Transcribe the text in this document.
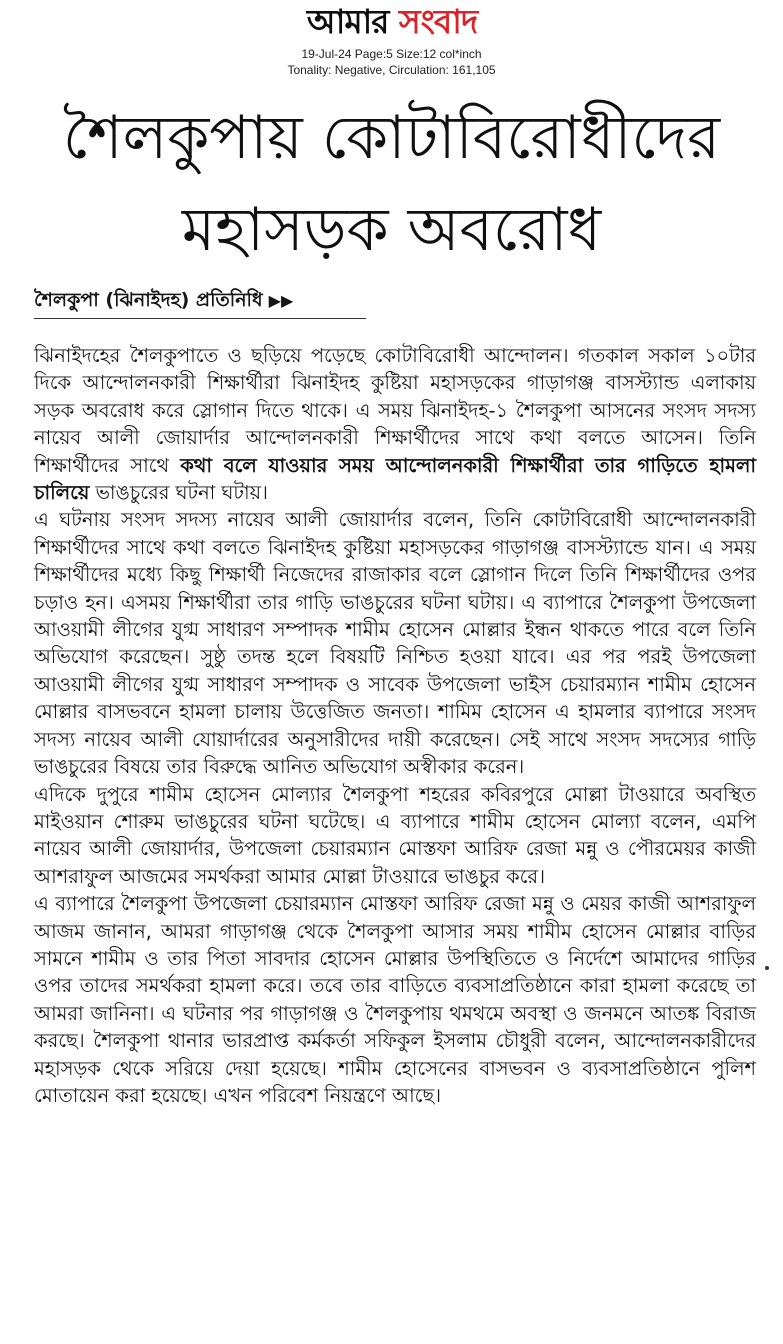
আমার সংবাদ
19-Jul-24 Page:5 Size:12 col*inch
Tonality: Negative, Circulation: 161,105
শৈলকুপায় কোটাবিরোধীদের
মহাসড়ক অবরোধ
শৈলকুপা (ঝিনাইদহ) প্রতিনিধি ▶▶

ঝিনাইদহের শৈলকুপাতে ও ছড়িয়ে পড়েছে কোটাবিরোধী আন্দোলন। গতকাল সকাল ১০টার দিকে আন্দোলনকারী শিক্ষার্থীরা ঝিনাইদহ কুষ্টিয়া মহাসড়কের গাড়াগঞ্জ বাসস্ট্যান্ড এলাকায় সড়ক অবরোধ করে স্লোগান দিতে থাকে। এ সময় ঝিনাইদহ-১ শৈলকুপা আসনের সংসদ সদস্য নায়েব আলী জোয়ার্দার আন্দোলনকারী শিক্ষার্থীদের সাথে কথা বলতে আসেন। তিনি শিক্ষার্থীদের সাথে কথা বলে যাওয়ার সময় আন্দোলনকারী শিক্ষার্থীরা তার গাড়িতে হামলা চালিয়ে ভাঙচুরের ঘটনা ঘটায়।

এ ঘটনায় সংসদ সদস্য নায়েব আলী জোয়ার্দার বলেন, তিনি কোটাবিরোধী আন্দোলনকারী শিক্ষার্থীদের সাথে কথা বলতে ঝিনাইদহ কুষ্টিয়া মহাসড়কের গাড়াগঞ্জ বাসস্ট্যান্ডে যান। এ সময় শিক্ষার্থীদের মধ্যে কিছু শিক্ষার্থী নিজেদের রাজাকার বলে স্লোগান দিলে তিনি শিক্ষার্থীদের ওপর চড়াও হন। এসময় শিক্ষার্থীরা তার গাড়ি ভাঙচুরের ঘটনা ঘটায়। এ ব্যাপারে শৈলকুপা উপজেলা আওয়ামী লীগের যুগ্ম সাধারণ সম্পাদক শামীম হোসেন মোল্লার ইন্ধন থাকতে পারে বলে তিনি অভিযোগ করেছেন। সুষ্ঠু তদন্ত হলে বিষয়টি নিশ্চিত হওয়া যাবে। এর পর পরই উপজেলা আওয়ামী লীগের যুগ্ম সাধারণ সম্পাদক ও সাবেক উপজেলা ভাইস চেয়ারম্যান শামীম হোসেন মোল্লার বাসভবনে হামলা চালায় উত্তেজিত জনতা। শামিম হোসেন এ হামলার ব্যাপারে সংসদ সদস্য নায়েব আলী যোয়ার্দারের অনুসারীদের দায়ী করেছেন। সেই সাথে সংসদ সদস্যের গাড়ি ভাঙচুরের বিষয়ে তার বিরুদ্ধে আনিত অভিযোগ অস্বীকার করেন।

এদিকে দুপুরে শামীম হোসেন মোল্যার শৈলকুপা শহরের কবিরপুরে মোল্লা টাওয়ারে অবস্থিত মাইওয়ান শোরুম ভাঙচুরের ঘটনা ঘটেছে। এ ব্যাপারে শামীম হোসেন মোল্যা বলেন, এমপি নায়েব আলী জোয়ার্দার, উপজেলা চেয়ারম্যান মোস্তফা আরিফ রেজা মন্নু ও পৌরমেয়র কাজী আশরাফুল আজমের সমর্থকরা আমার মোল্লা টাওয়ারে ভাঙচুর করে।

এ ব্যাপারে শৈলকুপা উপজেলা চেয়ারম্যান মোস্তফা আরিফ রেজা মন্নু ও মেয়র কাজী আশরাফুল আজম জানান, আমরা গাড়াগঞ্জ থেকে শৈলকুপা আসার সময় শামীম হোসেন মোল্লার বাড়ির সামনে শামীম ও তার পিতা সাবদার হোসেন মোল্লার উপস্থিতিতে ও নির্দেশে আমাদের গাড়ির ওপর তাদের সমর্থকরা হামলা করে। তবে তার বাড়িতে ব্যবসাপ্রতিষ্ঠানে কারা হামলা করেছে তা আমরা জানিনা। এ ঘটনার পর গাড়াগঞ্জ ও শৈলকুপায় থমথমে অবস্থা ও জনমনে আতঙ্ক বিরাজ করছে। শৈলকুপা থানার ভারপ্রাপ্ত কর্মকর্তা সফিকুল ইসলাম চৌধুরী বলেন, আন্দোলনকারীদের মহাসড়ক থেকে সরিয়ে দেয়া হয়েছে। শামীম হোসেনের বাসভবন ও ব্যবসাপ্রতিষ্ঠানে পুলিশ মোতায়েন করা হয়েছে। এখন পরিবেশ নিয়ন্ত্রণে আছে।
